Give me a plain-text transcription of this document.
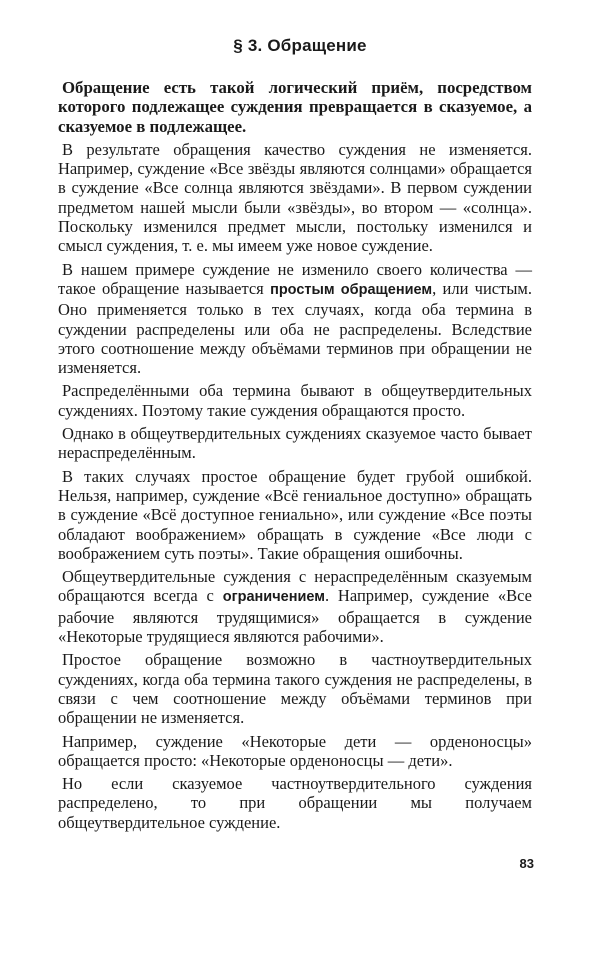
§ 3. Обращение

Обращение есть такой логический приём, посредством которого подлежащее суждения превращается в сказуемое, а сказуемое в подлежащее.

В результате обращения качество суждения не изменяется. Например, суждение «Все звёзды являются солнцами» обращается в суждение «Все солнца являются звёздами». В первом суждении предметом нашей мысли были «звёзды», во втором — «солнца». Поскольку изменился предмет мысли, постольку изменился и смысл суждения, т. е. мы имеем уже новое суждение.

В нашем примере суждение не изменило своего количества — такое обращение называется простым обращением, или чистым. Оно применяется только в тех случаях, когда оба термина в суждении распределены или оба не распределены. Вследствие этого соотношение между объёмами терминов при обращении не изменяется.

Распределёнными оба термина бывают в общеутвердительных суждениях. Поэтому такие суждения обращаются просто.

Однако в общеутвердительных суждениях сказуемое часто бывает нераспределённым.

В таких случаях простое обращение будет грубой ошибкой. Нельзя, например, суждение «Всё гениальное доступно» обращать в суждение «Всё доступное гениально», или суждение «Все поэты обладают воображением» обращать в суждение «Все люди с воображением суть поэты». Такие обращения ошибочны.

Общеутвердительные суждения с нераспределённым сказуемым обращаются всегда с ограничением. Например, суждение «Все рабочие являются трудящимися» обращается в суждение «Некоторые трудящиеся являются рабочими».

Простое обращение возможно в частноутвердительных суждениях, когда оба термина такого суждения не распределены, в связи с чем соотношение между объёмами терминов при обращении не изменяется.

Например, суждение «Некоторые дети — орденоносцы» обращается просто: «Некоторые орденоносцы — дети».

Но если сказуемое частноутвердительного суждения распределено, то при обращении мы получаем общеутвердительное суждение.

83
